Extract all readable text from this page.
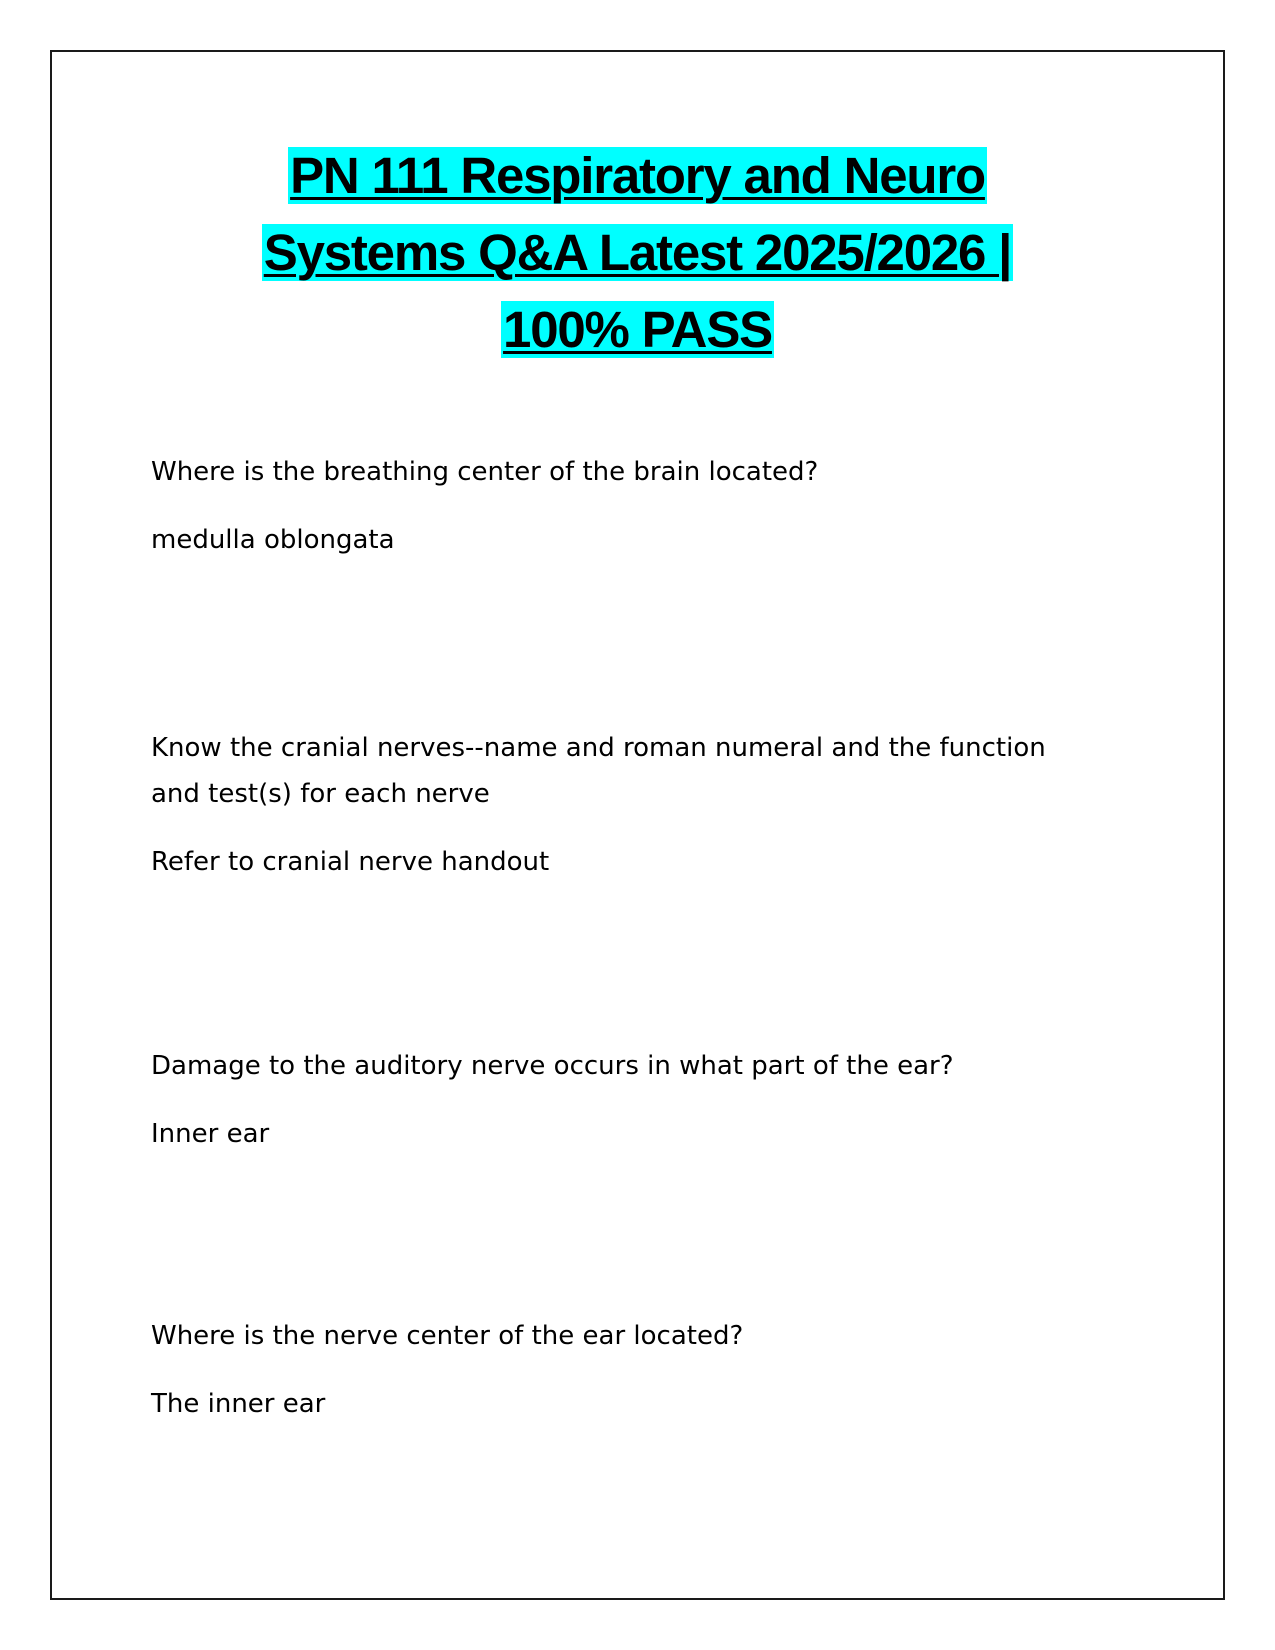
PN 111 Respiratory and Neuro
Systems Q&A Latest 2025/2026 |
100% PASS

Where is the breathing center of the brain located?

medulla oblongata

Know the cranial nerves--name and roman numeral and the function and test(s) for each nerve

Refer to cranial nerve handout

Damage to the auditory nerve occurs in what part of the ear?

Inner ear

Where is the nerve center of the ear located?

The inner ear
